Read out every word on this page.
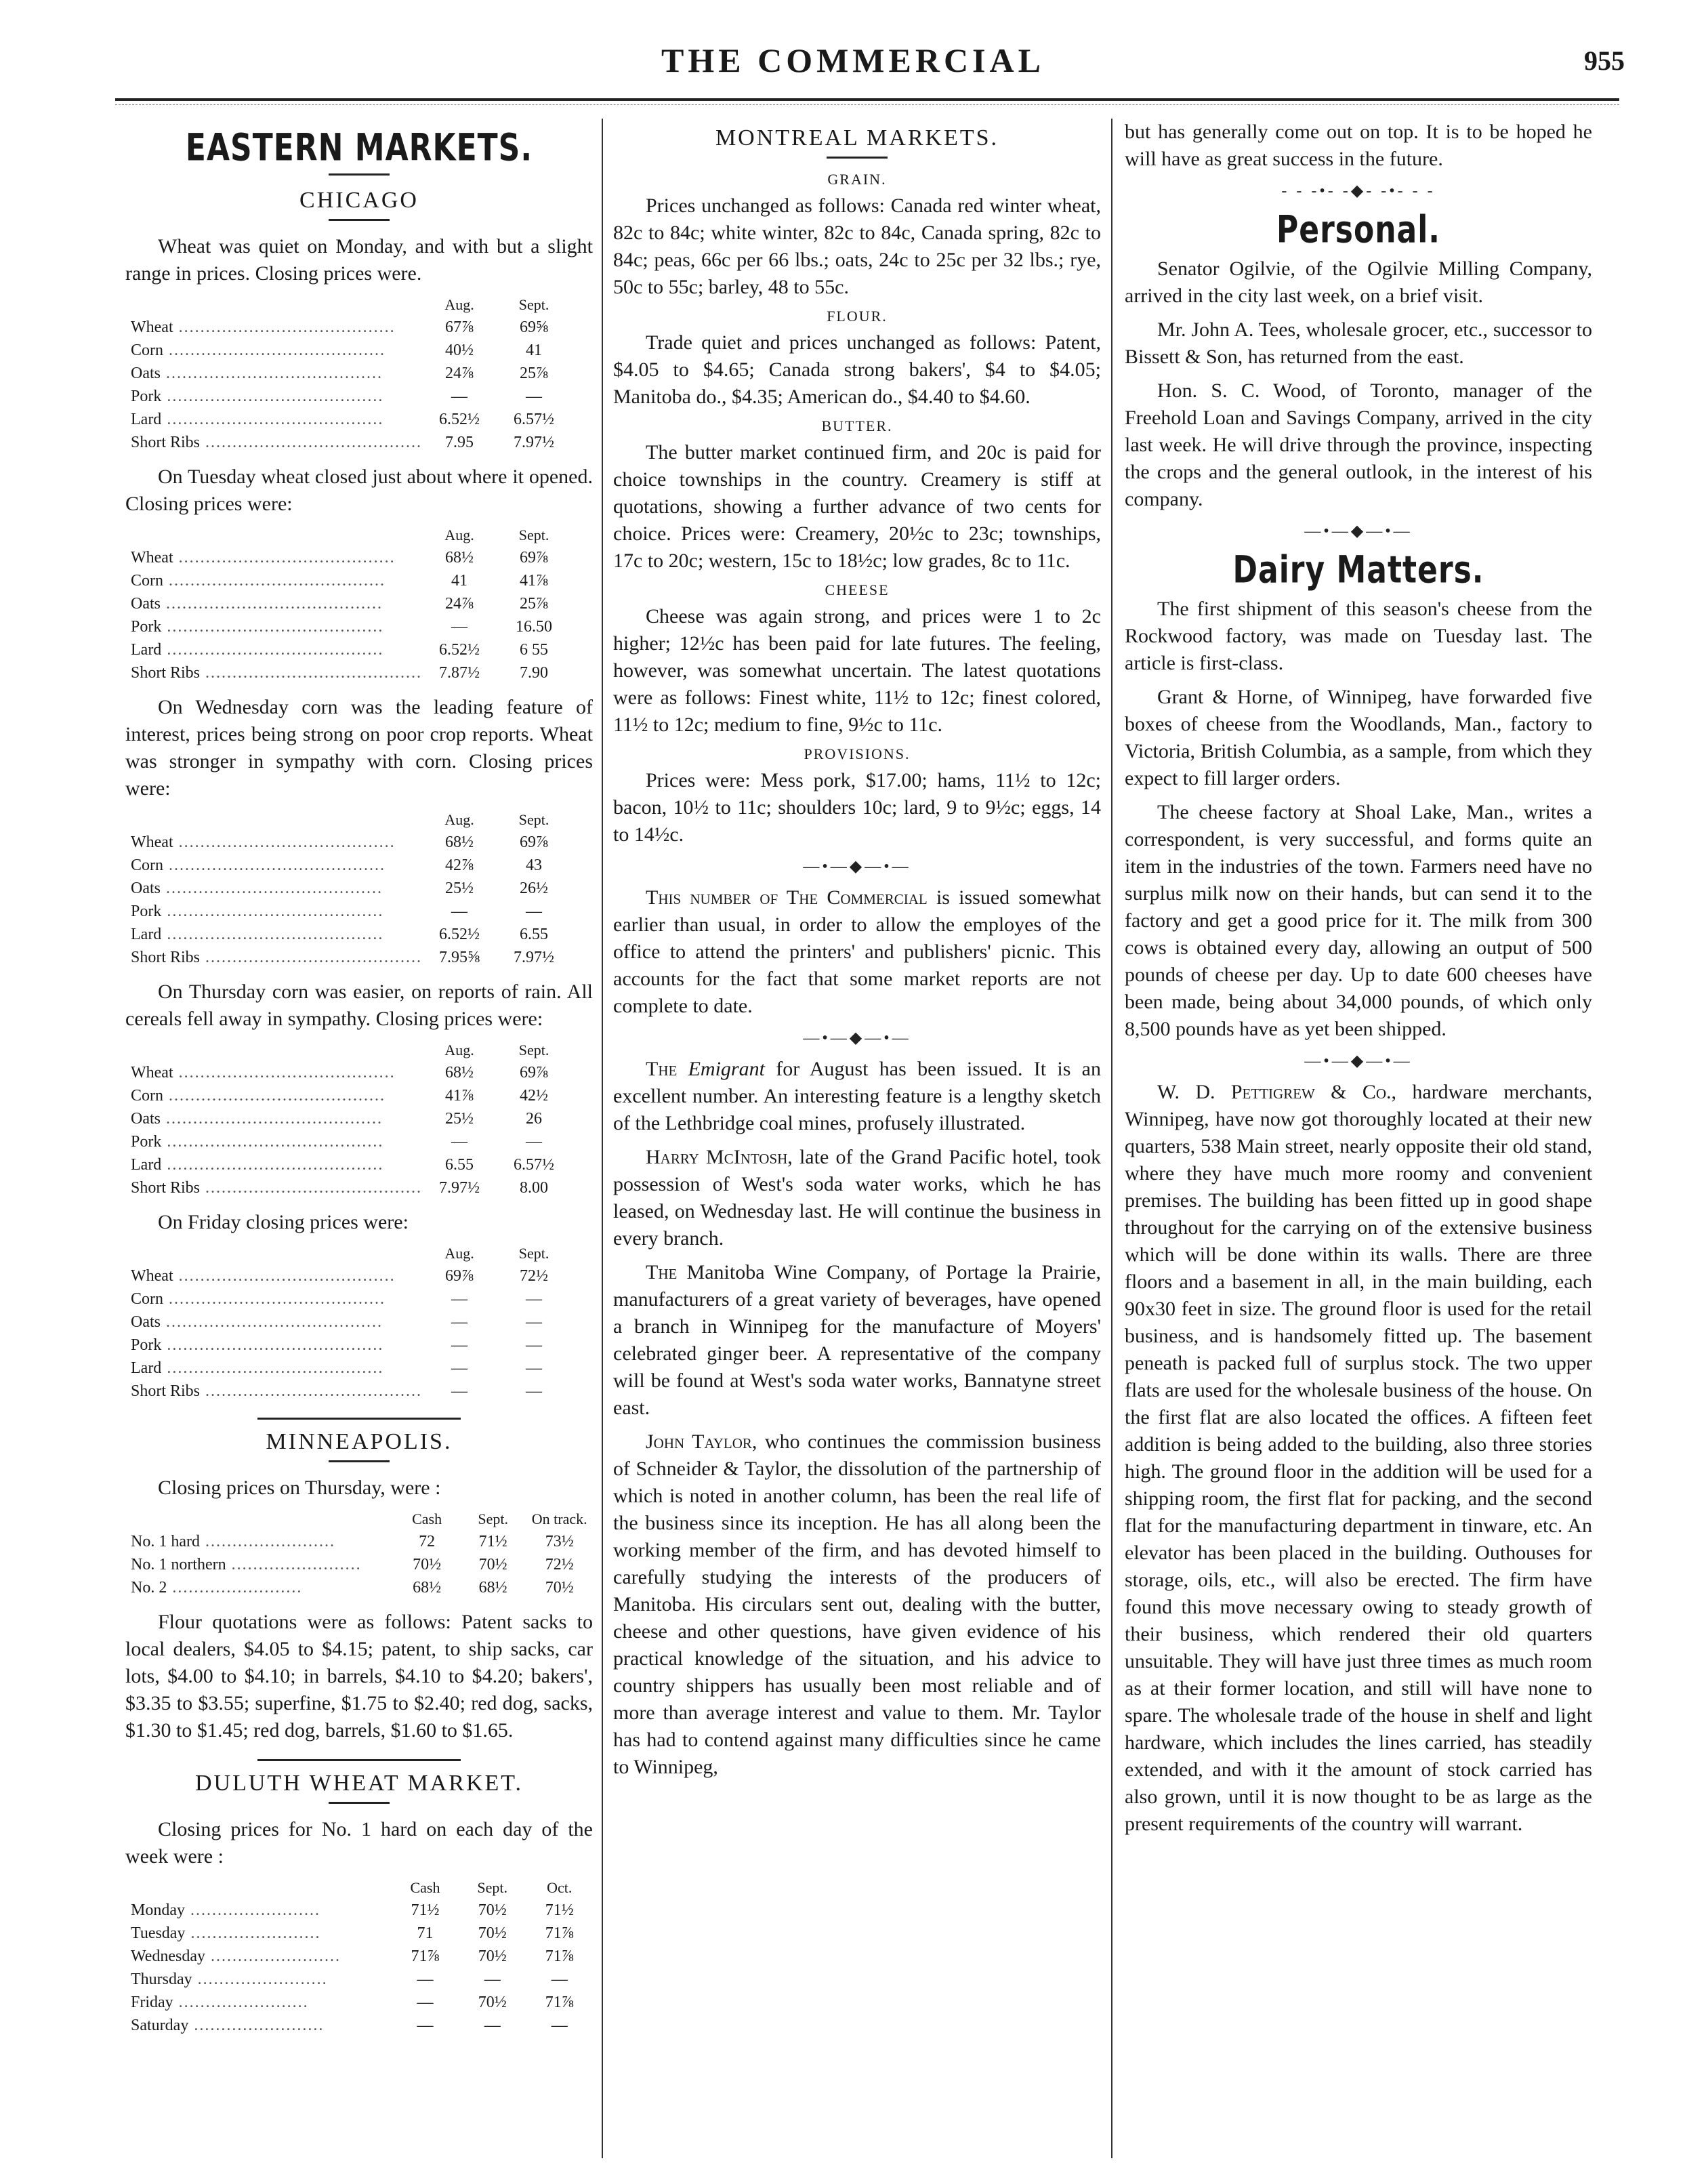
THE COMMERCIAL	955
EASTERN MARKETS.
CHICAGO

Wheat was quiet on Monday, and with but a slight range in prices. Closing prices were.

	Aug.	Sept.
Wheat ........................................	67⅞	69⅝
Corn ........................................	40½	41
Oats ........................................	24⅞	25⅞
Pork ........................................	—	—
Lard ........................................	6.52½	6.57½
Short Ribs ........................................	7.95	7.97½

On Tuesday wheat closed just about where it opened. Closing prices were:

	Aug.	Sept.
Wheat ........................................	68½	69⅞
Corn ........................................	41	41⅞
Oats ........................................	24⅞	25⅞
Pork ........................................	—	16.50
Lard ........................................	6.52½	6 55
Short Ribs ........................................	7.87½	7.90

On Wednesday corn was the leading feature of interest, prices being strong on poor crop reports. Wheat was stronger in sympathy with corn. Closing prices were:

	Aug.	Sept.
Wheat ........................................	68½	69⅞
Corn ........................................	42⅞	43
Oats ........................................	25½	26½
Pork ........................................	—	—
Lard ........................................	6.52½	6.55
Short Ribs ........................................	7.95⅝	7.97½

On Thursday corn was easier, on reports of rain. All cereals fell away in sympathy. Closing prices were:

	Aug.	Sept.
Wheat ........................................	68½	69⅞
Corn ........................................	41⅞	42½
Oats ........................................	25½	26
Pork ........................................	—	—
Lard ........................................	6.55	6.57½
Short Ribs ........................................	7.97½	8.00

On Friday closing prices were:

	Aug.	Sept.
Wheat ........................................	69⅞	72½
Corn ........................................	—	—
Oats ........................................	—	—
Pork ........................................	—	—
Lard ........................................	—	—
Short Ribs ........................................	—	—
MINNEAPOLIS.

Closing prices on Thursday, were :

	Cash	Sept.	On track.
No. 1 hard ........................	72	71½	73½
No. 1 northern ........................	70½	70½	72½
No. 2 ........................	68½	68½	70½

Flour quotations were as follows: Patent sacks to local dealers, $4.05 to $4.15; patent, to ship sacks, car lots, $4.00 to $4.10; in barrels, $4.10 to $4.20; bakers', $3.35 to $3.55; superfine, $1.75 to $2.40; red dog, sacks, $1.30 to $1.45; red dog, barrels, $1.60 to $1.65.

DULUTH WHEAT MARKET.

Closing prices for No. 1 hard on each day of the week were :

	Cash	Sept.	Oct.
Monday ........................	71½	70½	71½
Tuesday ........................	71	70½	71⅞
Wednesday ........................	71⅞	70½	71⅞
Thursday ........................	—	—	—
Friday ........................	—	70½	71⅞
Saturday ........................	—	—	—
MONTREAL MARKETS.
GRAIN.

Prices unchanged as follows: Canada red winter wheat, 82c to 84c; white winter, 82c to 84c, Canada spring, 82c to 84c; peas, 66c per 66 lbs.; oats, 24c to 25c per 32 lbs.; rye, 50c to 55c; barley, 48 to 55c.

FLOUR.

Trade quiet and prices unchanged as follows: Patent, $4.05 to $4.65; Canada strong bakers', $4 to $4.05; Manitoba do., $4.35; American do., $4.40 to $4.60.

BUTTER.

The butter market continued firm, and 20c is paid for choice townships in the country. Creamery is stiff at quotations, showing a further advance of two cents for choice. Prices were: Creamery, 20½c to 23c; townships, 17c to 20c; western, 15c to 18½c; low grades, 8c to 11c.

CHEESE

Cheese was again strong, and prices were 1 to 2c higher; 12½c has been paid for late futures. The feeling, however, was somewhat uncertain. The latest quotations were as follows: Finest white, 11½ to 12c; finest colored, 11½ to 12c; medium to fine, 9½c to 11c.

PROVISIONS.

Prices were: Mess pork, $17.00; hams, 11½ to 12c; bacon, 10½ to 11c; shoulders 10c; lard, 9 to 9½c; eggs, 14 to 14½c.

—•—◆—•—

This number of The Commercial is issued somewhat earlier than usual, in order to allow the employes of the office to attend the printers' and publishers' picnic. This accounts for the fact that some market reports are not complete to date.

—•—◆—•—

The Emigrant for August has been issued. It is an excellent number. An interesting feature is a lengthy sketch of the Lethbridge coal mines, profusely illustrated.

Harry McIntosh, late of the Grand Pacific hotel, took possession of West's soda water works, which he has leased, on Wednesday last. He will continue the business in every branch.

The Manitoba Wine Company, of Portage la Prairie, manufacturers of a great variety of beverages, have opened a branch in Winnipeg for the manufacture of Moyers' celebrated ginger beer. A representative of the company will be found at West's soda water works, Bannatyne street east.

John Taylor, who continues the commission business of Schneider & Taylor, the dissolution of the partnership of which is noted in another column, has been the real life of the business since its inception. He has all along been the working member of the firm, and has devoted himself to carefully studying the interests of the producers of Manitoba. His circulars sent out, dealing with the butter, cheese and other questions, have given evidence of his practical knowledge of the situation, and his advice to country shippers has usually been most reliable and of more than average interest and value to them. Mr. Taylor has had to contend against many difficulties since he came to Winnipeg,

but has generally come out on top. It is to be hoped he will have as great success in the future.

- - -•- -◆- -•- - -
Personal.

Senator Ogilvie, of the Ogilvie Milling Company, arrived in the city last week, on a brief visit.

Mr. John A. Tees, wholesale grocer, etc., successor to Bissett & Son, has returned from the east.

Hon. S. C. Wood, of Toronto, manager of the Freehold Loan and Savings Company, arrived in the city last week. He will drive through the province, inspecting the crops and the general outlook, in the interest of his company.

—•—◆—•—
Dairy Matters.

The first shipment of this season's cheese from the Rockwood factory, was made on Tuesday last. The article is first-class.

Grant & Horne, of Winnipeg, have forwarded five boxes of cheese from the Woodlands, Man., factory to Victoria, British Columbia, as a sample, from which they expect to fill larger orders.

The cheese factory at Shoal Lake, Man., writes a correspondent, is very successful, and forms quite an item in the industries of the town. Farmers need have no surplus milk now on their hands, but can send it to the factory and get a good price for it. The milk from 300 cows is obtained every day, allowing an output of 500 pounds of cheese per day. Up to date 600 cheeses have been made, being about 34,000 pounds, of which only 8,500 pounds have as yet been shipped.

—•—◆—•—

W. D. Pettigrew & Co., hardware merchants, Winnipeg, have now got thoroughly located at their new quarters, 538 Main street, nearly opposite their old stand, where they have much more roomy and convenient premises. The building has been fitted up in good shape throughout for the carrying on of the extensive business which will be done within its walls. There are three floors and a basement in all, in the main building, each 90x30 feet in size. The ground floor is used for the retail business, and is handsomely fitted up. The basement peneath is packed full of surplus stock. The two upper flats are used for the wholesale business of the house. On the first flat are also located the offices. A fifteen feet addition is being added to the building, also three stories high. The ground floor in the addition will be used for a shipping room, the first flat for packing, and the second flat for the manufacturing department in tinware, etc. An elevator has been placed in the building. Outhouses for storage, oils, etc., will also be erected. The firm have found this move necessary owing to steady growth of their business, which rendered their old quarters unsuitable. They will have just three times as much room as at their former location, and still will have none to spare. The wholesale trade of the house in shelf and light hardware, which includes the lines carried, has steadily extended, and with it the amount of stock carried has also grown, until it is now thought to be as large as the present requirements of the country will warrant.
